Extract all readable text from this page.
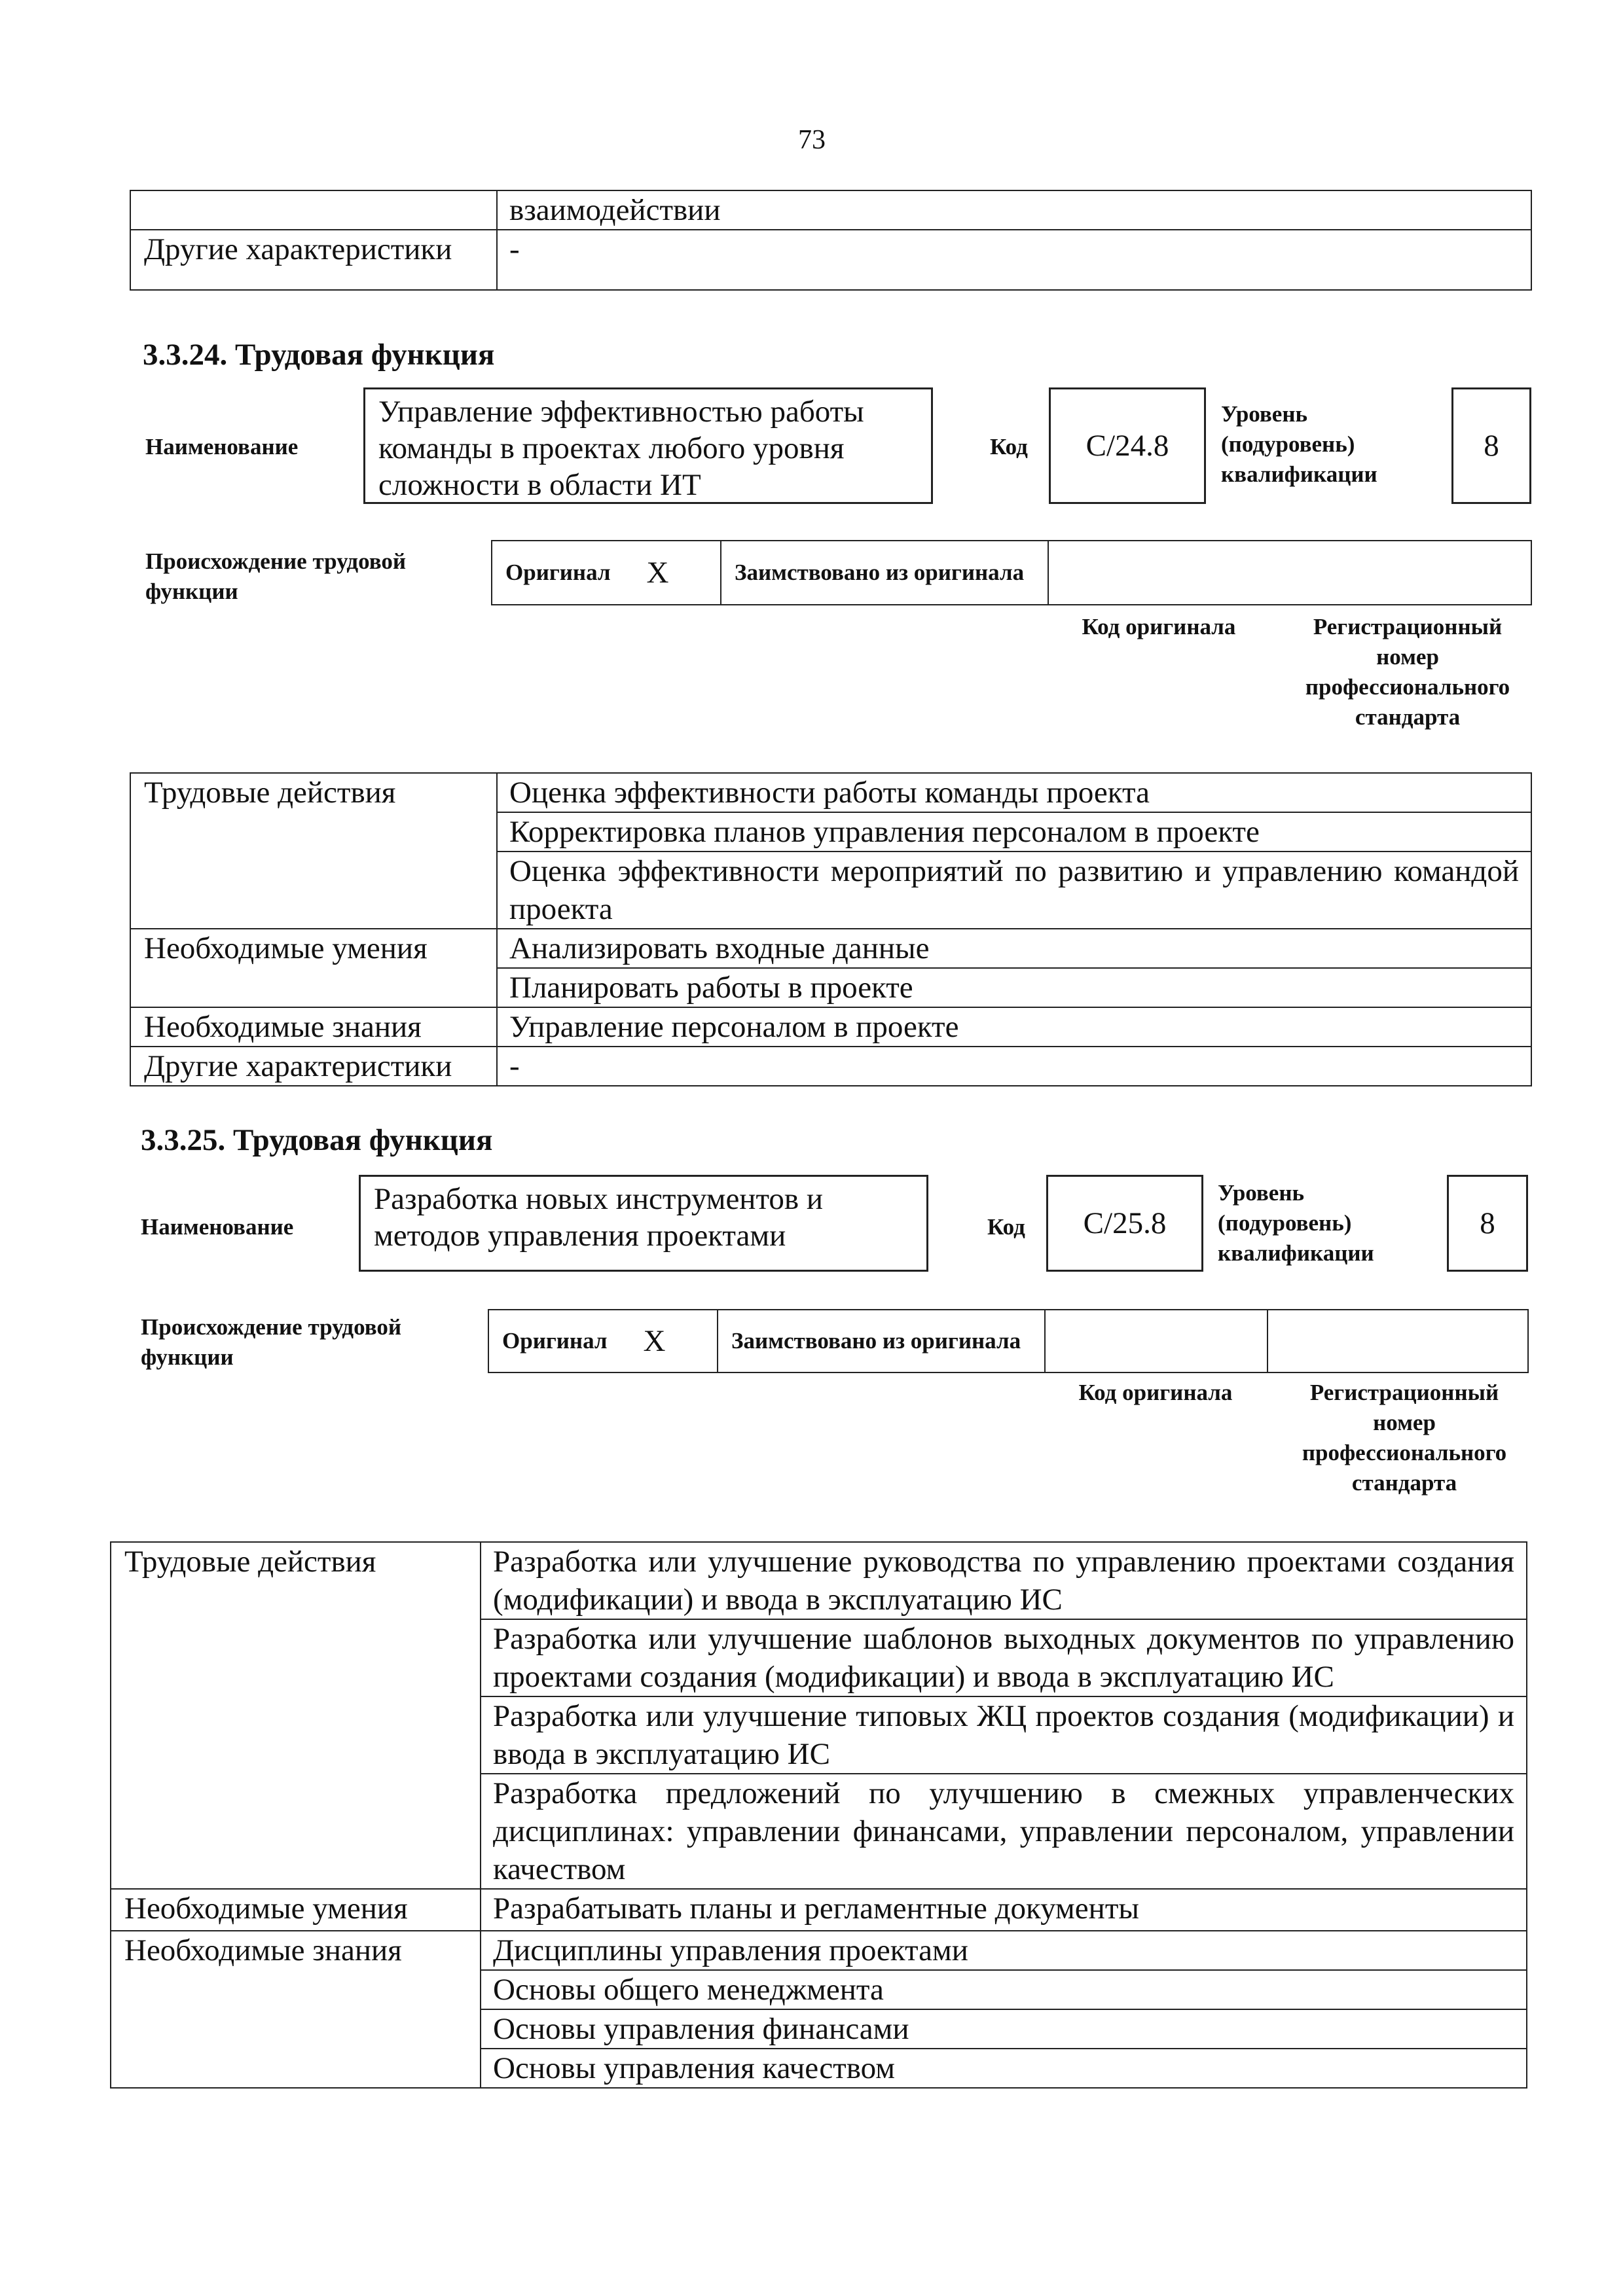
73
	взаимодействии
Другие характеристики	-
3.3.24. Трудовая функция
Наименование
Управление эффективностью работы команды в проектах любого уровня сложности в области ИТ
Код	C/24.8
Уровень (подуровень) квалификации
8
Происхождение трудовой функции
Оригинал X	Заимствовано из оригинала
Код оригинала	Регистрационный номер профессионального стандарта
Трудовые действия	Оценка эффективности работы команды проекта
	Корректировка планов управления персоналом в проекте
	Оценка эффективности мероприятий по развитию и управлению командой проекта
Необходимые умения	Анализировать входные данные
	Планировать работы в проекте
Необходимые знания	Управление персоналом в проекте
Другие характеристики	-
3.3.25. Трудовая функция
Наименование
Разработка новых инструментов и методов управления проектами	Код	C/25.8
Уровень (подуровень) квалификации
8
Происхождение трудовой функции
Оригинал X	Заимствовано из оригинала
Код оригинала	Регистрационный номер профессионального стандарта
Трудовые действия	Разработка или улучшение руководства по управлению проектами создания (модификации) и ввода в эксплуатацию ИС
	Разработка или улучшение шаблонов выходных документов по управлению проектами создания (модификации) и ввода в эксплуатацию ИС
	Разработка или улучшение типовых ЖЦ проектов создания (модификации) и ввода в эксплуатацию ИС
	Разработка предложений по улучшению в смежных управленческих дисциплинах: управлении финансами, управлении персоналом, управлении качеством
Необходимые умения	Разрабатывать планы и регламентные документы
Необходимые знания	Дисциплины управления проектами
	Основы общего менеджмента
	Основы управления финансами
	Основы управления качеством
